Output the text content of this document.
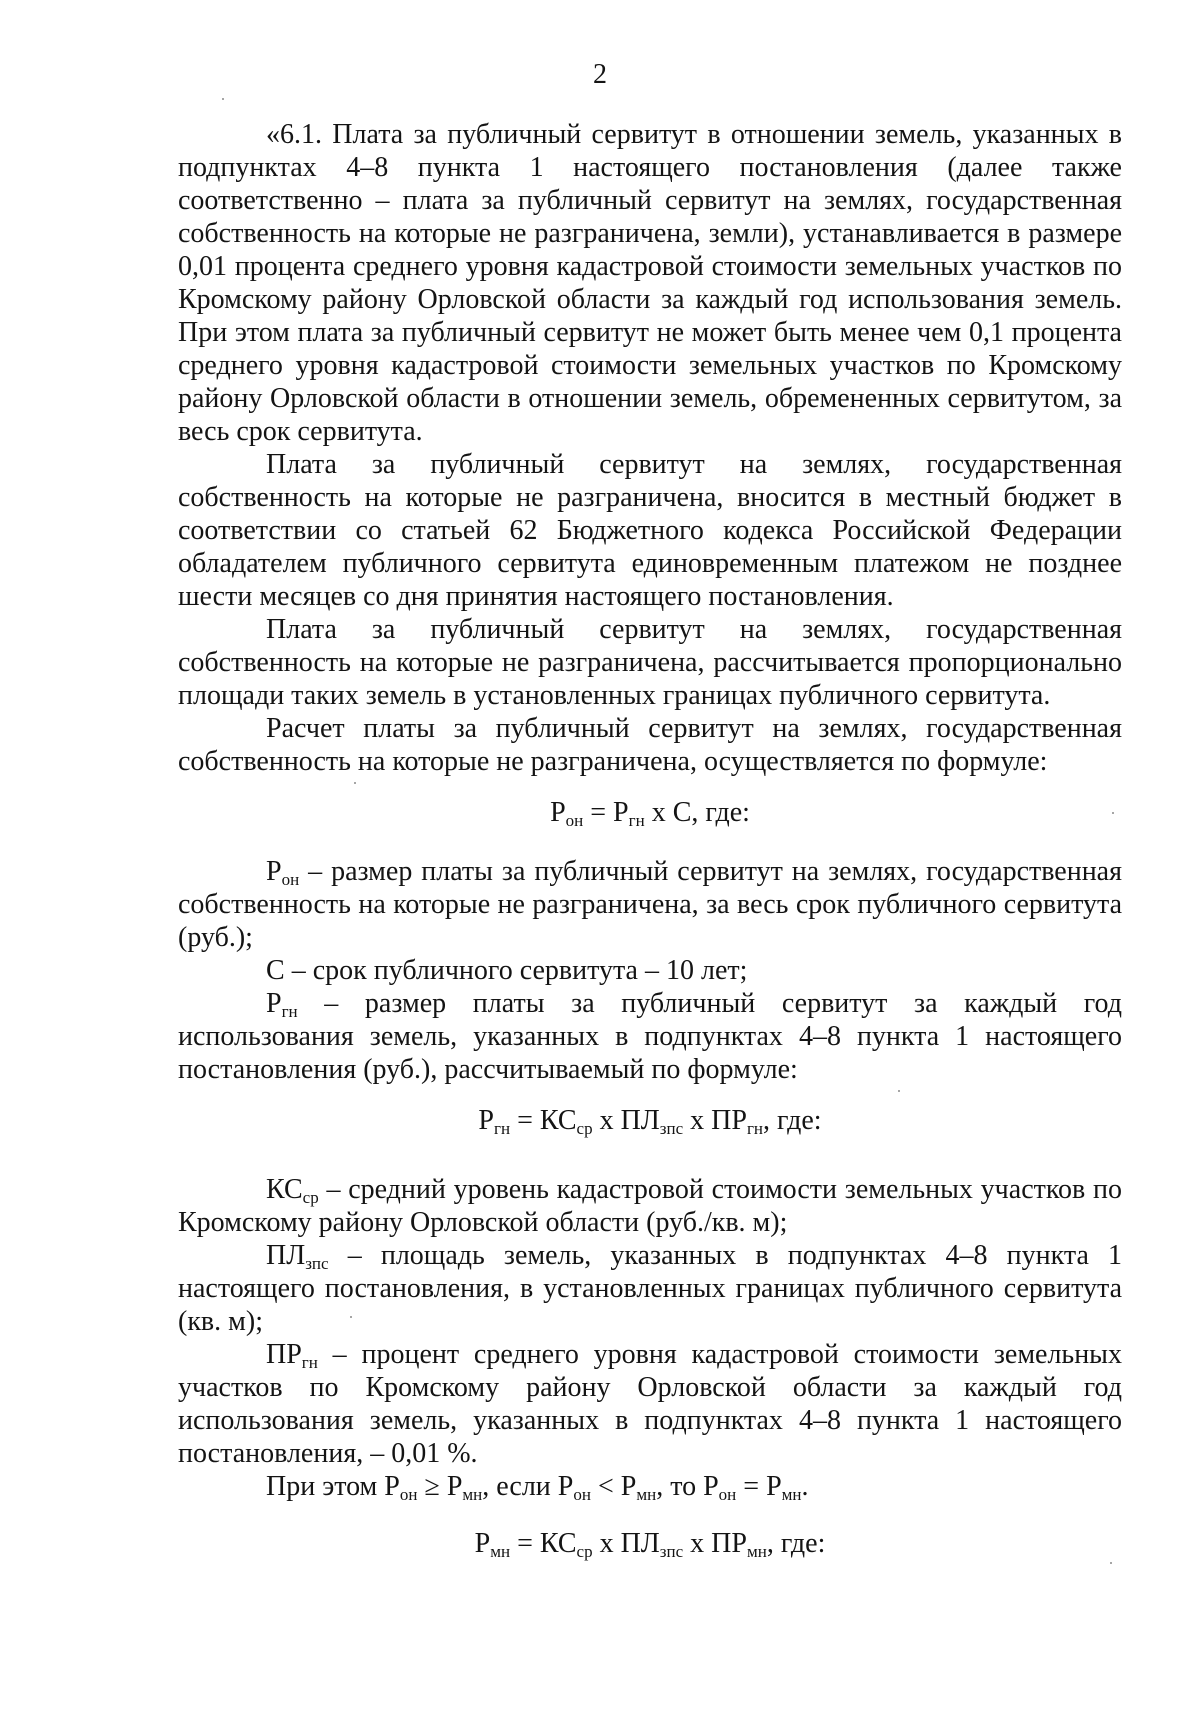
2

«6.1. Плата за публичный сервитут в отношении земель, указанных в подпунктах 4–8 пункта 1 настоящего постановления (далее также соответственно – плата за публичный сервитут на землях, государственная собственность на которые не разграничена, земли), устанавливается в размере 0,01 процента среднего уровня кадастровой стоимости земельных участков по Кромскому району Орловской области за каждый год использования земель. При этом плата за публичный сервитут не может быть менее чем 0,1 процента среднего уровня кадастровой стоимости земельных участков по Кромскому району Орловской области в отношении земель, обремененных сервитутом, за весь срок сервитута.

Плата за публичный сервитут на землях, государственная собственность на которые не разграничена, вносится в местный бюджет в соответствии со статьей 62 Бюджетного кодекса Российской Федерации обладателем публичного сервитута единовременным платежом не позднее шести месяцев со дня принятия настоящего постановления.

Плата за публичный сервитут на землях, государственная собственность на которые не разграничена, рассчитывается пропорционально площади таких земель в установленных границах публичного сервитута.

Расчет платы за публичный сервитут на землях, государственная собственность на которые не разграничена, осуществляется по формуле:

$Р_{он} = Р_{гн}$ х С, где:

$Р_{он}$ – размер платы за публичный сервитут на землях, государственная собственность на которые не разграничена, за весь срок публичного сервитута (руб.);

С – срок публичного сервитута – 10 лет;

$Р_{гн}$ – размер платы за публичный сервитут за каждый год использования земель, указанных в подпунктах 4–8 пункта 1 настоящего постановления (руб.), рассчитываемый по формуле:

$Р_{гн} = КС_{ср}$ х $ПЛ_{зпс}$ х $ПР_{гн}$, где:

$КС_{ср}$ – средний уровень кадастровой стоимости земельных участков по Кромскому району Орловской области (руб./кв. м);

$ПЛ_{зпс}$ – площадь земель, указанных в подпунктах 4–8 пункта 1 настоящего постановления, в установленных границах публичного сервитута (кв. м);

$ПР_{гн}$ – процент среднего уровня кадастровой стоимости земельных участков по Кромскому району Орловской области за каждый год использования земель, указанных в подпунктах 4–8 пункта 1 настоящего постановления, – 0,01 %.

При этом $Р_{он} \ge Р_{мн}$, если $Р_{он} < Р_{мн}$, то $Р_{он} = Р_{мн}$.

$Р_{мн} = КС_{ср}$ х $ПЛ_{зпс}$ х $ПР_{мн}$, где:
